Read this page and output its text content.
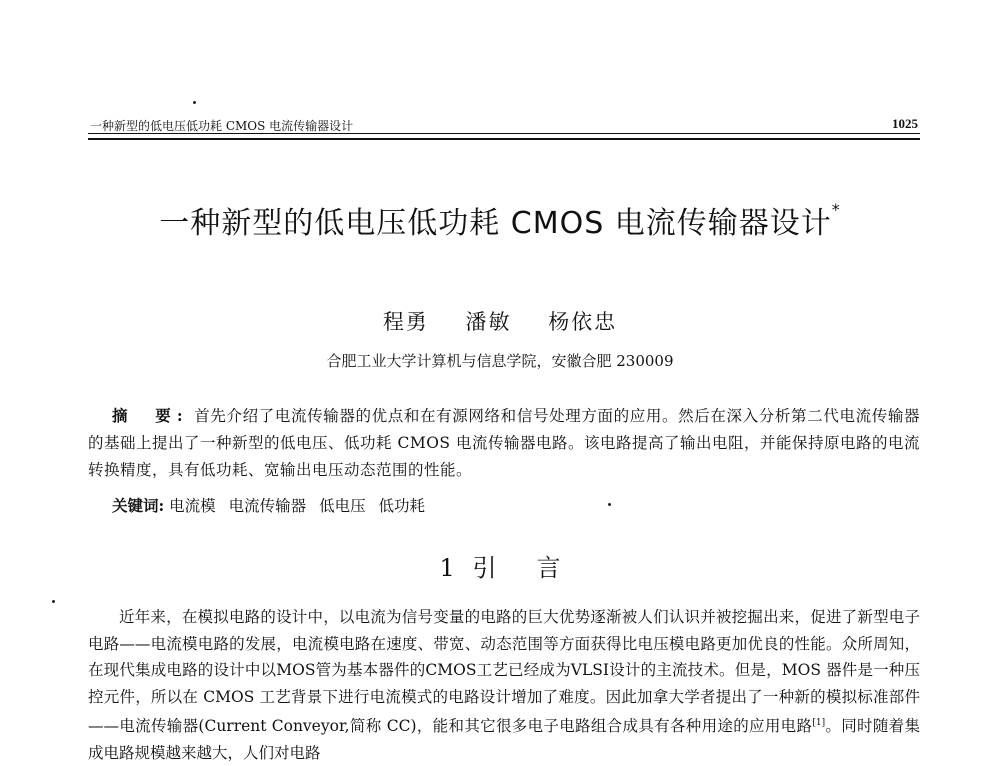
一种新型的低电压低功耗 CMOS 电流传输器设计	1025
一种新型的低电压低功耗 CMOS 电流传输器设计*
程勇 潘敏 杨依忠
合肥工业大学计算机与信息学院，安徽合肥 230009

摘　要: 首先介绍了电流传输器的优点和在有源网络和信号处理方面的应用。然后在深入分析第二代电流传输器的基础上提出了一种新型的低电压、低功耗 CMOS 电流传输器电路。该电路提高了输出电阻，并能保持原电路的电流转换精度，具有低功耗、宽输出电压动态范围的性能。

关键词: 电流模 电流传输器 低电压 低功耗
1 引言

近年来，在模拟电路的设计中，以电流为信号变量的电路的巨大优势逐渐被人们认识并被挖掘出来，促进了新型电子电路——电流模电路的发展，电流模电路在速度、带宽、动态范围等方面获得比电压模电路更加优良的性能。众所周知，在现代集成电路的设计中以MOS管为基本器件的CMOS工艺已经成为VLSI设计的主流技术。但是，MOS 器件是一种压控元件，所以在 CMOS 工艺背景下进行电流模式的电路设计增加了难度。因此加拿大学者提出了一种新的模拟标准部件——电流传输器(Current Conveyor,简称 CC)，能和其它很多电子电路组合成具有各种用途的应用电路[1]。同时随着集成电路规模越来越大，人们对电路
